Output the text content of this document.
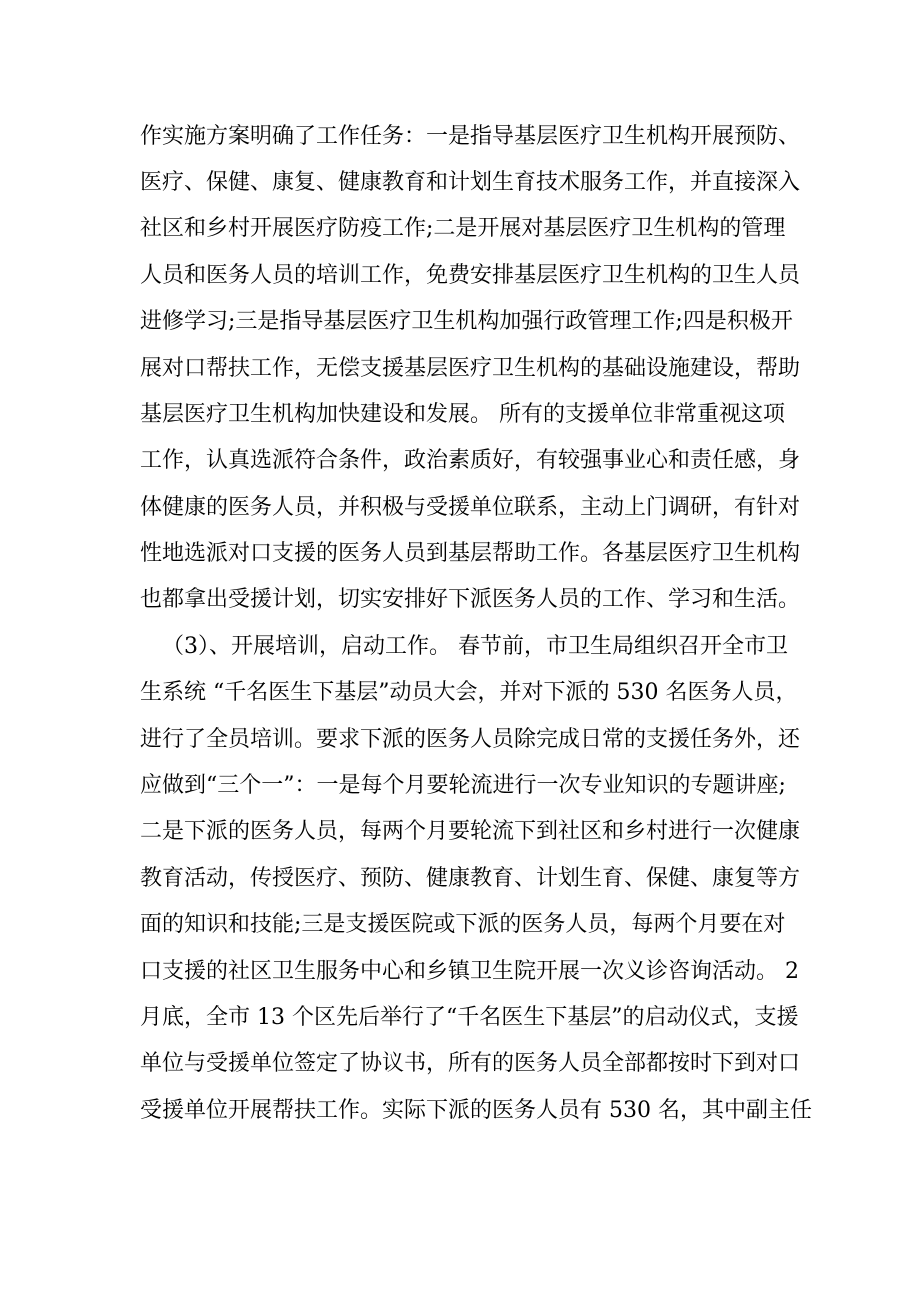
作实施方案明确了工作任务：一是指导基层医疗卫生机构开展预防、
医疗、保健、康复、健康教育和计划生育技术服务工作，并直接深入
社区和乡村开展医疗防疫工作;二是开展对基层医疗卫生机构的管理
人员和医务人员的培训工作，免费安排基层医疗卫生机构的卫生人员
进修学习;三是指导基层医疗卫生机构加强行政管理工作;四是积极开
展对口帮扶工作，无偿支援基层医疗卫生机构的基础设施建设，帮助
基层医疗卫生机构加快建设和发展。 所有的支援单位非常重视这项
工作，认真选派符合条件，政治素质好，有较强事业心和责任感，身
体健康的医务人员，并积极与受援单位联系，主动上门调研，有针对
性地选派对口支援的医务人员到基层帮助工作。各基层医疗卫生机构
也都拿出受援计划，切实安排好下派医务人员的工作、学习和生活。
（3）、开展培训，启动工作。 春节前，市卫生局组织召开全市卫
生系统 “千名医生下基层”动员大会，并对下派的 530 名医务人员，
进行了全员培训。要求下派的医务人员除完成日常的支援任务外，还
应做到“三个一”：一是每个月要轮流进行一次专业知识的专题讲座;
二是下派的医务人员，每两个月要轮流下到社区和乡村进行一次健康
教育活动，传授医疗、预防、健康教育、计划生育、保健、康复等方
面的知识和技能;三是支援医院或下派的医务人员，每两个月要在对
口支援的社区卫生服务中心和乡镇卫生院开展一次义诊咨询活动。 2
月底，全市 13 个区先后举行了“千名医生下基层”的启动仪式，支援
单位与受援单位签定了协议书，所有的医务人员全部都按时下到对口
受援单位开展帮扶工作。实际下派的医务人员有 530 名，其中副主任
